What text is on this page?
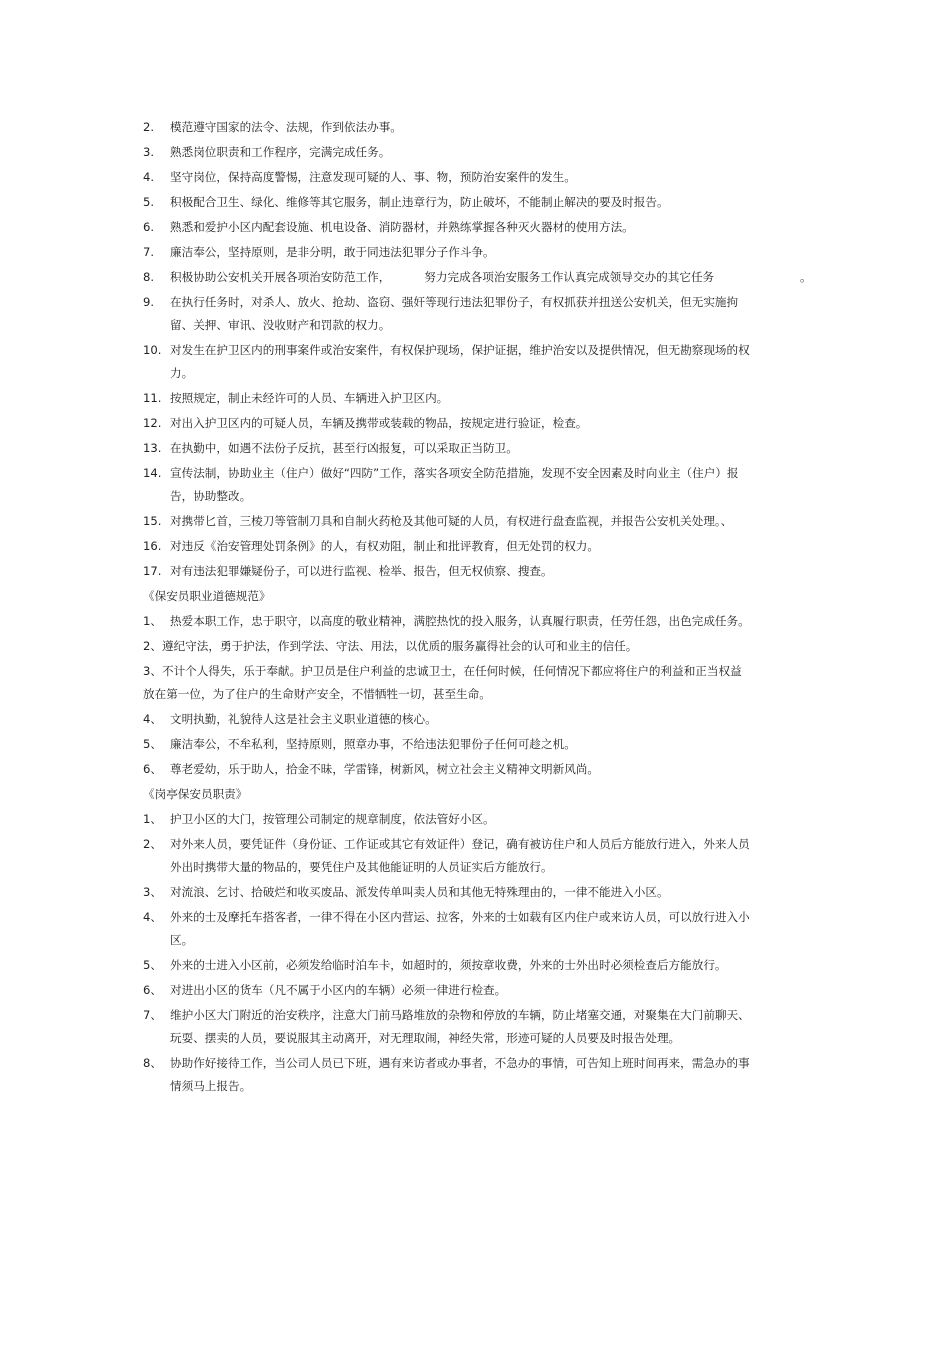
2.	模范遵守国家的法令、法规，作到依法办事。
3.	熟悉岗位职责和工作程序，完满完成任务。
4.	坚守岗位，保持高度警惕，注意发现可疑的人、事、物，预防治安案件的发生。
5.	积极配合卫生、绿化、维修等其它服务，制止违章行为，防止破坏，不能制止解决的要及时报告。
6.	熟悉和爱护小区内配套设施、机电设备、消防器材，并熟练掌握各种灭火器材的使用方法。
7.	廉洁奉公，坚持原则，是非分明，敢于同违法犯罪分子作斗争。
8.	积极协助公安机关开展各项治安防范工作，	努力完成各项治安服务工作认真完成领导交办的其它任务	。
9.	在执行任务时，对杀人、放火、抢劫、盗窃、强奸等现行违法犯罪份子，有权抓获并扭送公安机关，但无实施拘留、关押、审讯、没收财产和罚款的权力。
10. 对发生在护卫区内的刑事案件或治安案件，有权保护现场，保护证据，维护治安以及提供情况，但无勘察现场的权力。
11. 按照规定，制止未经许可的人员、车辆进入护卫区内。
12. 对出入护卫区内的可疑人员，车辆及携带或装载的物品，按规定进行验证，检查。
13. 在执勤中，如遇不法份子反抗，甚至行凶报复，可以采取正当防卫。
14. 宣传法制，协助业主（住户）做好“四防”工作，落实各项安全防范措施，发现不安全因素及时向业主（住户）报告，协助整改。
15. 对携带匕首，三棱刀等管制刀具和自制火药枪及其他可疑的人员，有权进行盘查监视，并报告公安机关处理。、
16. 对违反《治安管理处罚条例》的人，有权劝阻，制止和批评教育，但无处罚的权力。
17. 对有违法犯罪嫌疑份子，可以进行监视、检举、报告，但无权侦察、搜查。
《保安员职业道德规范》
1、 热爱本职工作，忠于职守，以高度的敬业精神，满腔热忱的投入服务，认真履行职责，任劳任怨，出色完成任务。
2、遵纪守法，勇于护法，作到学法、守法、用法，以优质的服务赢得社会的认可和业主的信任。
3、不计个人得失，乐于奉献。护卫员是住户利益的忠诚卫士，在任何时候，任何情况下都应将住户的利益和正当权益放在第一位，为了住户的生命财产安全，不惜牺牲一切，甚至生命。
4、 文明执勤，礼貌待人这是社会主义职业道德的核心。
5、 廉洁奉公，不牟私利，坚持原则，照章办事，不给违法犯罪份子任何可趁之机。
6、 尊老爱幼，乐于助人，拾金不昧，学雷锋，树新风，树立社会主义精神文明新风尚。
《岗亭保安员职责》
1、 护卫小区的大门，按管理公司制定的规章制度，依法管好小区。
2、 对外来人员，要凭证件（身份证、工作证或其它有效证件）登记，确有被访住户和人员后方能放行进入，外来人员外出时携带大量的物品的，要凭住户及其他能证明的人员证实后方能放行。
3、 对流浪、乞讨、拾破烂和收买废品、派发传单叫卖人员和其他无特殊理由的，一律不能进入小区。
4、 外来的士及摩托车搭客者，一律不得在小区内营运、拉客，外来的士如载有区内住户或来访人员，可以放行进入小区。
5、 外来的士进入小区前，必须发给临时泊车卡，如超时的，须按章收费，外来的士外出时必须检查后方能放行。
6、 对进出小区的货车（凡不属于小区内的车辆）必须一律进行检查。
7、 维护小区大门附近的治安秩序，注意大门前马路堆放的杂物和停放的车辆，防止堵塞交通，对聚集在大门前聊天、玩耍、摆卖的人员，要说服其主动离开，对无理取闹，神经失常，形迹可疑的人员要及时报告处理。
8、 协助作好接待工作，当公司人员已下班，遇有来访者或办事者，不急办的事情，可告知上班时间再来，需急办的事情须马上报告。
